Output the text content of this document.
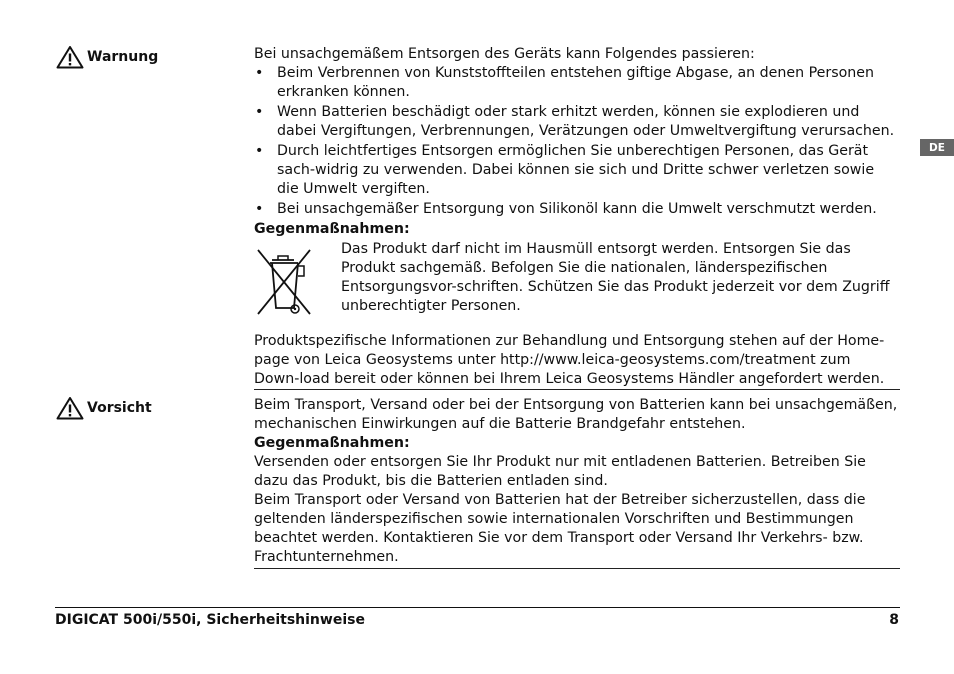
DE
Warnung	Bei unsachgemäßem Entsorgen des Geräts kann Folgendes passieren:

• Beim Verbrennen von Kunststoffteilen entstehen giftige Abgase, an denen Personen erkranken können.
• Wenn Batterien beschädigt oder stark erhitzt werden, können sie explodieren und dabei Vergiftungen, Verbrennungen, Verätzungen oder Umweltvergiftung verursachen.
• Durch leichtfertiges Entsorgen ermöglichen Sie unberechtigen Personen, das Gerät sach-widrig zu verwenden. Dabei können sie sich und Dritte schwer verletzen sowie die Umwelt vergiften.
• Bei unsachgemäßer Entsorgung von Silikonöl kann die Umwelt verschmutzt werden.

Gegenmaßnahmen:

Das Produkt darf nicht im Hausmüll entsorgt werden. Entsorgen Sie das Produkt sachgemäß. Befolgen Sie die nationalen, länderspezifischen Entsorgungsvor-schriften. Schützen Sie das Produkt jederzeit vor dem Zugriff unberechtigter Personen.

Produktspezifische Informationen zur Behandlung und Entsorgung stehen auf der Home-page von Leica Geosystems unter http://www.leica-geosystems.com/treatment zum Down-load bereit oder können bei Ihrem Leica Geosystems Händler angefordert werden.

Vorsicht	Beim Transport, Versand oder bei der Entsorgung von Batterien kann bei unsachgemäßen, mechanischen Einwirkungen auf die Batterie Brandgefahr entstehen.

Gegenmaßnahmen:

Versenden oder entsorgen Sie Ihr Produkt nur mit entladenen Batterien. Betreiben Sie dazu das Produkt, bis die Batterien entladen sind.

Beim Transport oder Versand von Batterien hat der Betreiber sicherzustellen, dass die geltenden länderspezifischen sowie internationalen Vorschriften und Bestimmungen beachtet werden. Kontaktieren Sie vor dem Transport oder Versand Ihr Verkehrs- bzw. Frachtunternehmen.

DIGICAT 500i/550i, Sicherheitshinweise	8
